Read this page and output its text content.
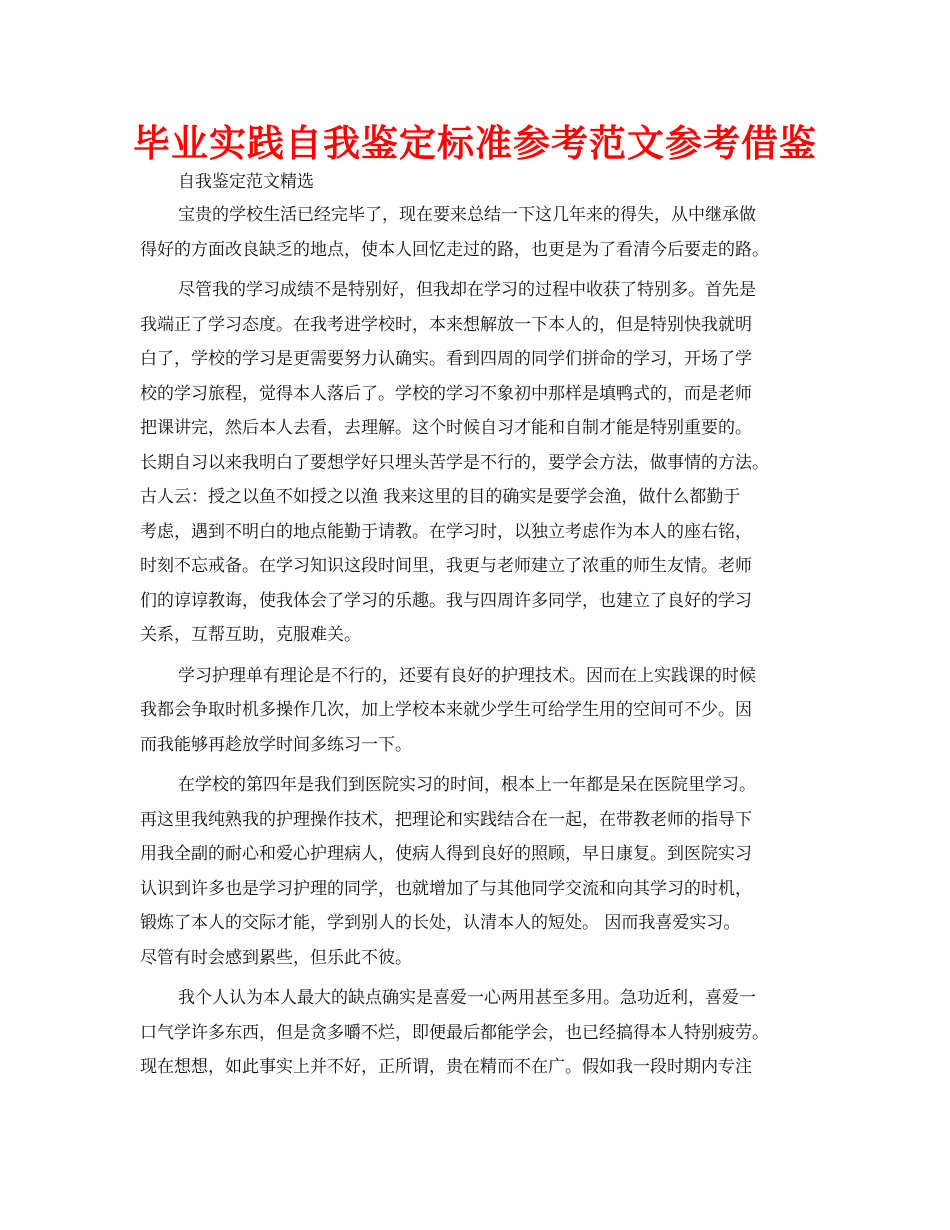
毕业实践自我鉴定标准参考范文参考借鉴
自我鉴定范文精选
宝贵的学校生活已经完毕了，现在要来总结一下这几年来的得失，从中继承做
得好的方面改良缺乏的地点，使本人回忆走过的路，也更是为了看清今后要走的路。
尽管我的学习成绩不是特别好，但我却在学习的过程中收获了特别多。首先是
我端正了学习态度。在我考进学校时，本来想解放一下本人的，但是特别快我就明
白了，学校的学习是更需要努力认确实。看到四周的同学们拼命的学习，开场了学
校的学习旅程，觉得本人落后了。学校的学习不象初中那样是填鸭式的，而是老师
把课讲完，然后本人去看，去理解。这个时候自习才能和自制才能是特别重要的。
长期自习以来我明白了要想学好只埋头苦学是不行的，要学会方法，做事情的方法。
古人云：授之以鱼不如授之以渔 我来这里的目的确实是要学会渔，做什么都勤于
考虑，遇到不明白的地点能勤于请教。在学习时，以独立考虑作为本人的座右铭，
时刻不忘戒备。在学习知识这段时间里，我更与老师建立了浓重的师生友情。老师
们的谆谆教诲，使我体会了学习的乐趣。我与四周许多同学，也建立了良好的学习
关系，互帮互助，克服难关。
学习护理单有理论是不行的，还要有良好的护理技术。因而在上实践课的时候
我都会争取时机多操作几次，加上学校本来就少学生可给学生用的空间可不少。因
而我能够再趁放学时间多练习一下。
在学校的第四年是我们到医院实习的时间，根本上一年都是呆在医院里学习。
再这里我纯熟我的护理操作技术，把理论和实践结合在一起，在带教老师的指导下
用我全副的耐心和爱心护理病人，使病人得到良好的照顾，早日康复。到医院实习
认识到许多也是学习护理的同学，也就增加了与其他同学交流和向其学习的时机，
锻炼了本人的交际才能，学到别人的长处，认清本人的短处。 因而我喜爱实习。
尽管有时会感到累些，但乐此不彼。
我个人认为本人最大的缺点确实是喜爱一心两用甚至多用。急功近利，喜爱一
口气学许多东西，但是贪多嚼不烂，即便最后都能学会，也已经搞得本人特别疲劳。
现在想想，如此事实上并不好，正所谓，贵在精而不在广。假如我一段时期内专注
